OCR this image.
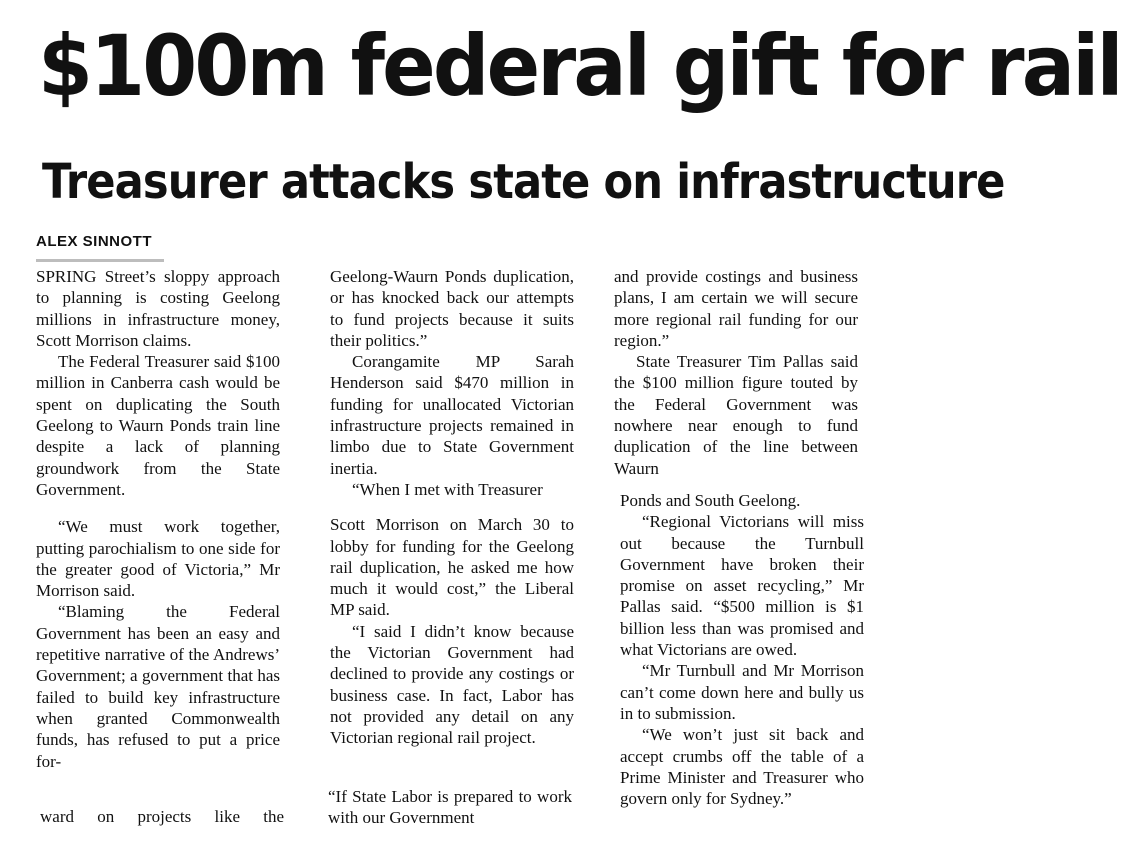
$100m federal gift for rail
Treasurer attacks state on infrastructure
ALEX SINNOTT

SPRING Street’s sloppy approach to planning is costing Geelong millions in infrastructure money, Scott Morrison claims.

The Federal Treasurer said $100 million in Canberra cash would be spent on duplicating the South Geelong to Waurn Ponds train line despite a lack of planning groundwork from the State Government.

“We must work together, putting parochialism to one side for the greater good of Victoria,” Mr Morrison said.

“Blaming the Federal Government has been an easy and repetitive narrative of the Andrews’ Government; a government that has failed to build key infrastructure when granted Commonwealth funds, has refused to put a price for-

ward on projects like the

Geelong-Waurn Ponds duplication, or has knocked back our attempts to fund projects because it suits their politics.”

Corangamite MP Sarah Henderson said $470 million in funding for unallocated Victorian infrastructure projects remained in limbo due to State Government inertia.

“When I met with Treasurer

Scott Morrison on March 30 to lobby for funding for the Geelong rail duplication, he asked me how much it would cost,” the Liberal MP said.

“I said I didn’t know because the Victorian Government had declined to provide any costings or business case. In fact, Labor has not provided any detail on any Victorian regional rail project.

“If State Labor is prepared to work with our Government

and provide costings and business plans, I am certain we will secure more regional rail funding for our region.”

State Treasurer Tim Pallas said the $100 million figure touted by the Federal Government was nowhere near enough to fund duplication of the line between Waurn

Ponds and South Geelong.

“Regional Victorians will miss out because the Turnbull Government have broken their promise on asset recycling,” Mr Pallas said. “$500 million is $1 billion less than was promised and what Victorians are owed.

“Mr Turnbull and Mr Morrison can’t come down here and bully us in to submission.

“We won’t just sit back and accept crumbs off the table of a Prime Minister and Treasurer who govern only for Sydney.”
